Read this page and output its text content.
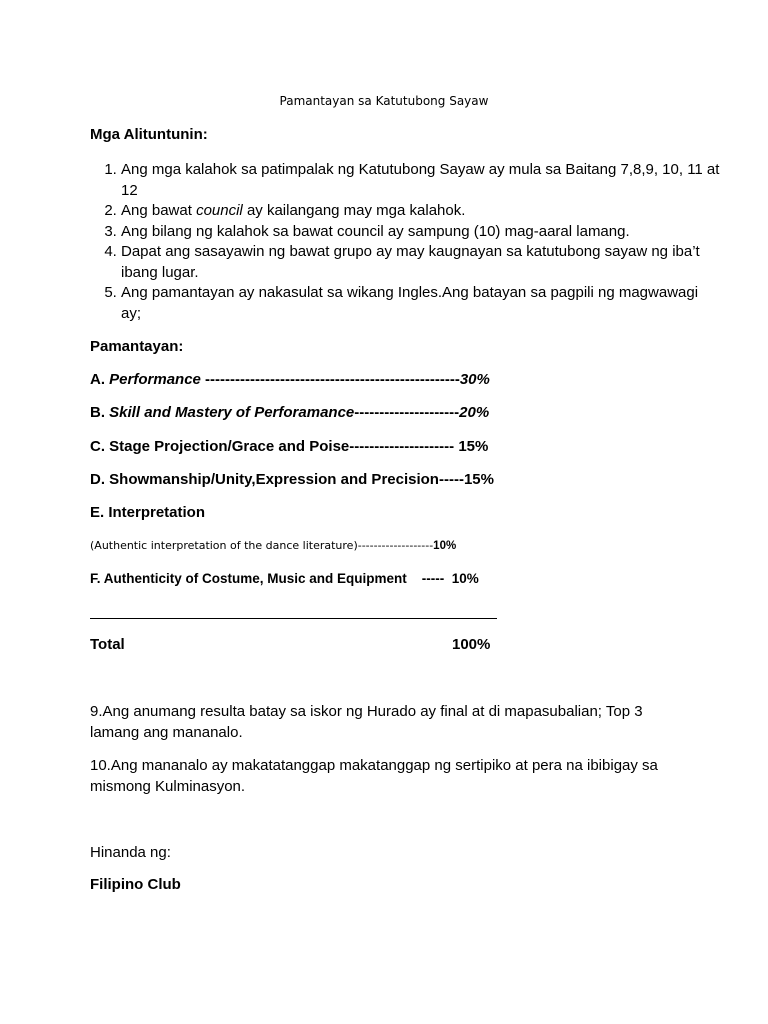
Pamantayan sa Katutubong Sayaw
Mga Alituntunin:
1. Ang mga kalahok sa patimpalak ng Katutubong Sayaw ay mula sa Baitang 7,8,9, 10, 11 at 12
2. Ang bawat council ay kailangang may mga kalahok.
3. Ang bilang ng kalahok sa bawat council ay sampung (10) mag-aaral lamang.
4. Dapat ang sasayawin ng bawat grupo ay may kaugnayan sa katutubong sayaw ng iba’t ibang lugar.
5. Ang pamantayan ay nakasulat sa wikang Ingles.Ang batayan sa pagpili ng magwawagi ay;
Pamantayan:
A. Performance ---------------------------------------------------30%
B. Skill and Mastery of Perforamance---------------------20%
C. Stage Projection/Grace and Poise--------------------- 15%
D. Showmanship/Unity,Expression and Precision-----15%
E. Interpretation
(Authentic interpretation of the dance literature)-------------------10%
F. Authenticity of Costume, Music and Equipment    -----  10%
Total	100%
9.Ang anumang resulta batay sa iskor ng Hurado ay final at di mapasubalian; Top 3 lamang ang mananalo.
10.Ang mananalo ay makatatanggap makatanggap ng sertipiko at pera na ibibigay sa mismong Kulminasyon.
Hinanda ng:
Filipino Club
